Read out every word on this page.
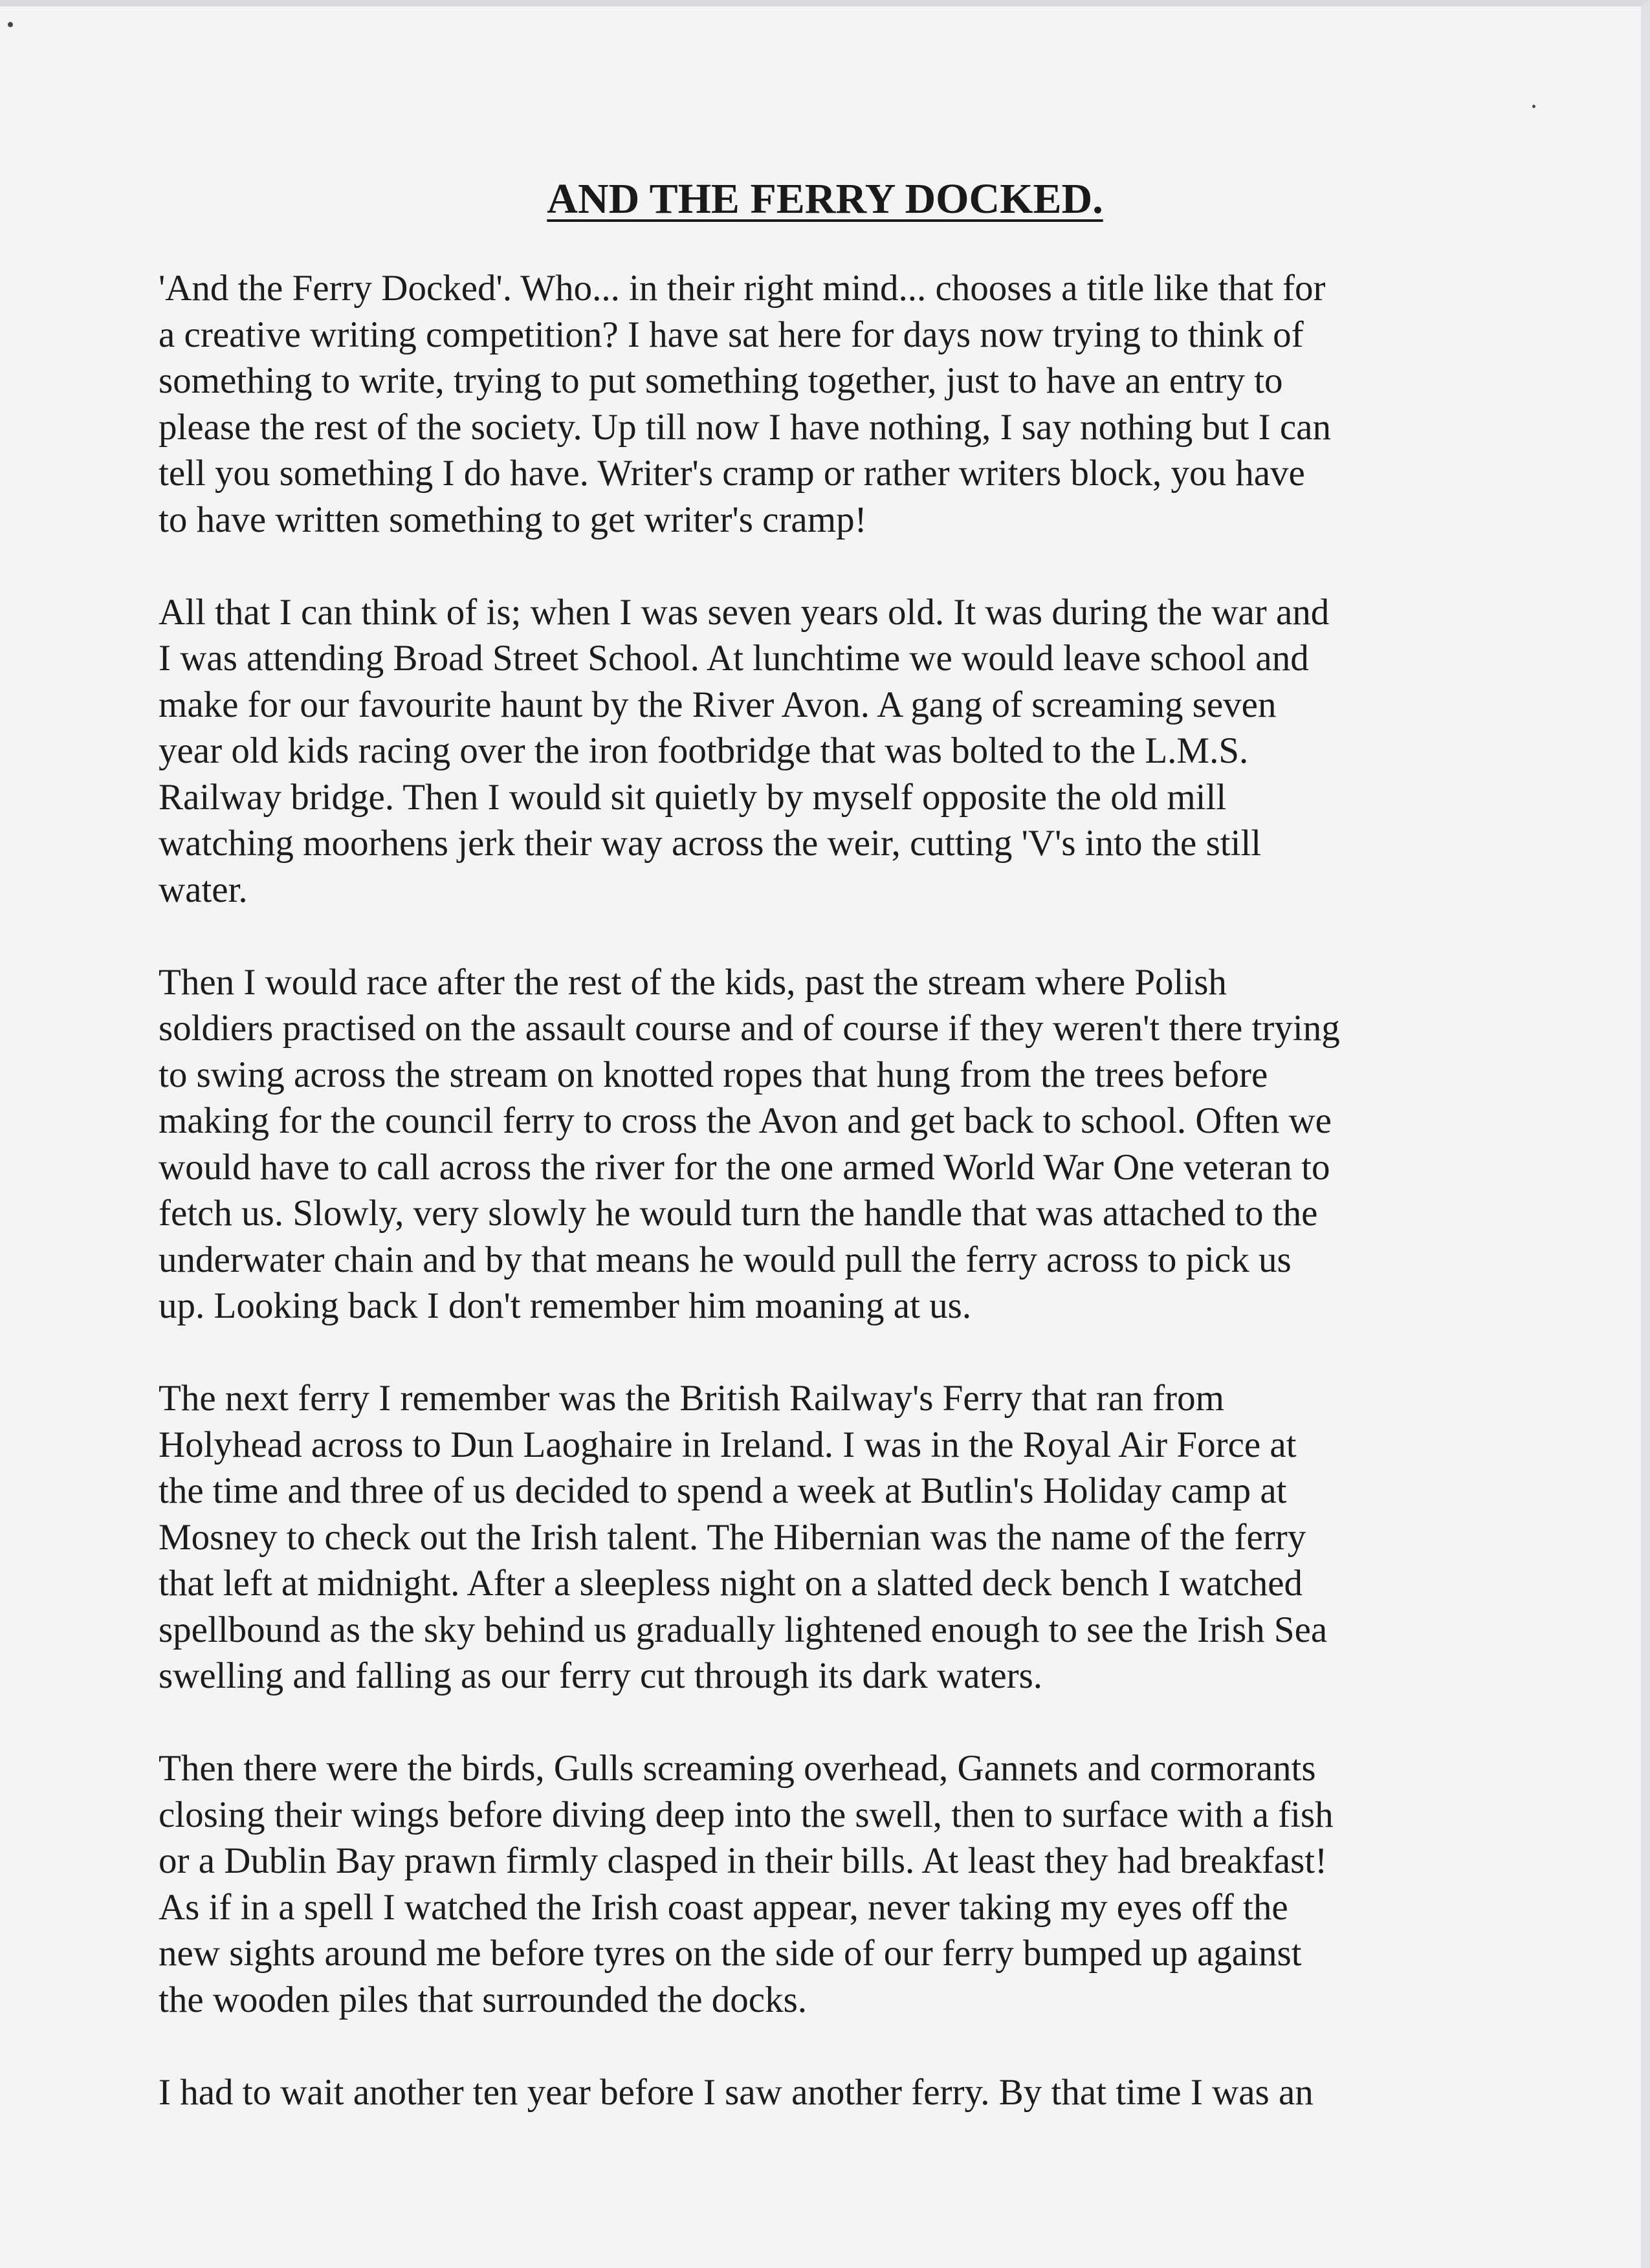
AND THE FERRY DOCKED.

'And the Ferry Docked'. Who... in their right mind... chooses a title like that for
a creative writing competition? I have sat here for days now trying to think of
something to write, trying to put something together, just to have an entry to
please the rest of the society. Up till now I have nothing, I say nothing but I can
tell you something I do have. Writer's cramp or rather writers block, you have
to have written something to get writer's cramp!

All that I can think of is; when I was seven years old. It was during the war and
I was attending Broad Street School. At lunchtime we would leave school and
make for our favourite haunt by the River Avon. A gang of screaming seven
year old kids racing over the iron footbridge that was bolted to the L.M.S.
Railway bridge. Then I would sit quietly by myself opposite the old mill
watching moorhens jerk their way across the weir, cutting 'V's into the still
water.

Then I would race after the rest of the kids, past the stream where Polish
soldiers practised on the assault course and of course if they weren't there trying
to swing across the stream on knotted ropes that hung from the trees before
making for the council ferry to cross the Avon and get back to school. Often we
would have to call across the river for the one armed World War One veteran to
fetch us. Slowly, very slowly he would turn the handle that was attached to the
underwater chain and by that means he would pull the ferry across to pick us
up. Looking back I don't remember him moaning at us.

The next ferry I remember was the British Railway's Ferry that ran from
Holyhead across to Dun Laoghaire in Ireland. I was in the Royal Air Force at
the time and three of us decided to spend a week at Butlin's Holiday camp at
Mosney to check out the Irish talent. The Hibernian was the name of the ferry
that left at midnight. After a sleepless night on a slatted deck bench I watched
spellbound as the sky behind us gradually lightened enough to see the Irish Sea
swelling and falling as our ferry cut through its dark waters.

Then there were the birds, Gulls screaming overhead, Gannets and cormorants
closing their wings before diving deep into the swell, then to surface with a fish
or a Dublin Bay prawn firmly clasped in their bills. At least they had breakfast!
As if in a spell I watched the Irish coast appear, never taking my eyes off the
new sights around me before tyres on the side of our ferry bumped up against
the wooden piles that surrounded the docks.

I had to wait another ten year before I saw another ferry. By that time I was an
